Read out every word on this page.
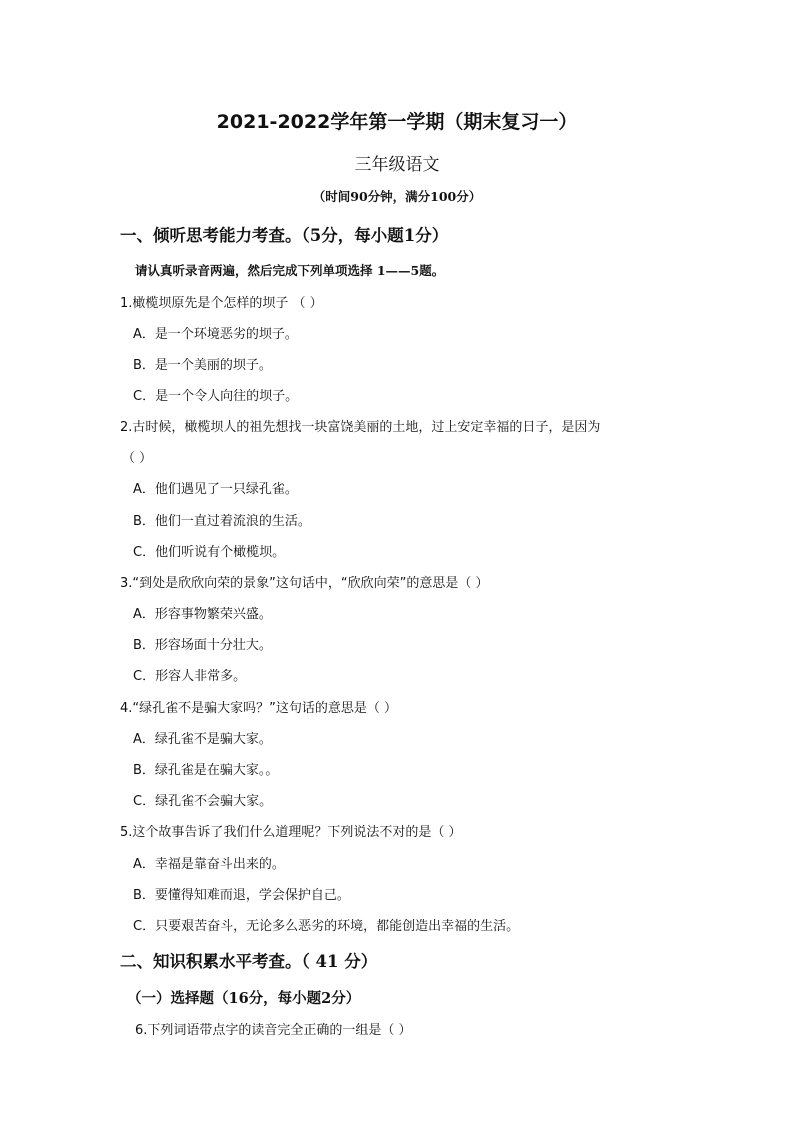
2021-2022学年第一学期（期末复习一）
三年级语文
（时间90分钟，满分100分）
一、倾听思考能力考查。（5分，每小题1分）
请认真听录音两遍，然后完成下列单项选择 1——5题。
1.橄榄坝原先是个怎样的坝子 （ ）
A．是一个环境恶劣的坝子。
B．是一个美丽的坝子。
C．是一个令人向往的坝子。
2.古时候，橄榄坝人的祖先想找一块富饶美丽的土地，过上安定幸福的日子，是因为
（ ）
A．他们遇见了一只绿孔雀。
B．他们一直过着流浪的生活。
C．他们听说有个橄榄坝。
3.“到处是欣欣向荣的景象”这句话中，“欣欣向荣”的意思是（ ）
A．形容事物繁荣兴盛。
B．形容场面十分壮大。
C．形容人非常多。
4.“绿孔雀不是骗大家吗？”这句话的意思是（ ）
A．绿孔雀不是骗大家。
B．绿孔雀是在骗大家。。
C．绿孔雀不会骗大家。
5.这个故事告诉了我们什么道理呢？下列说法不对的是（ ）
A．幸福是靠奋斗出来的。
B．要懂得知难而退，学会保护自己。
C．只要艰苦奋斗，无论多么恶劣的环境，都能创造出幸福的生活。
二、知识积累水平考查。（ 41 分）
（一）选择题（16分，每小题2分）
6.下列词语带点字的读音完全正确的一组是（ ）
